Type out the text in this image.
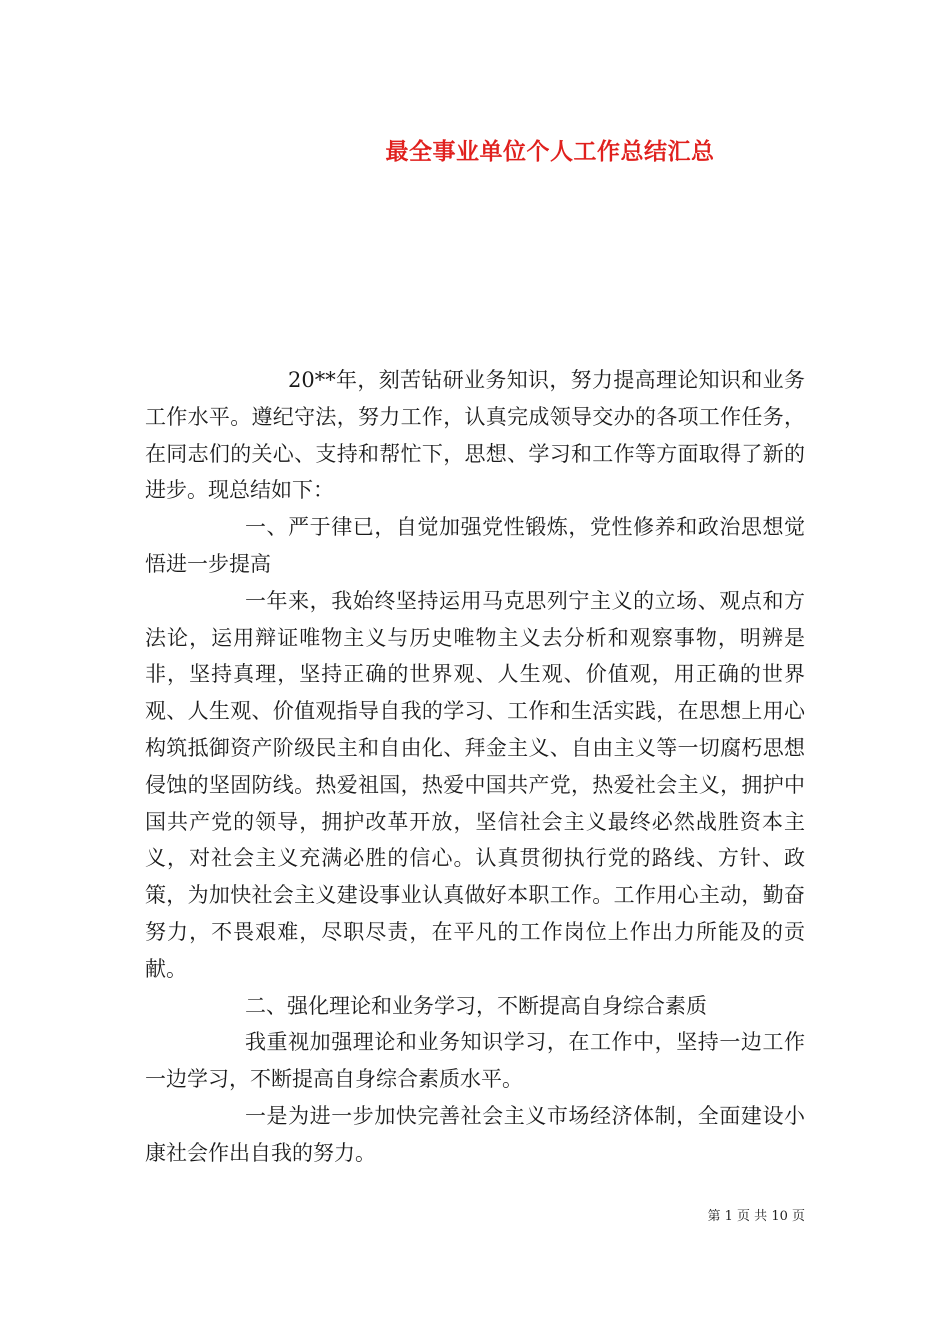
最全事业单位个人工作总结汇总

20**年，刻苦钻研业务知识，努力提高理论知识和业务工作水平。遵纪守法，努力工作，认真完成领导交办的各项工作任务，在同志们的关心、支持和帮忙下，思想、学习和工作等方面取得了新的进步。现总结如下：

一、严于律已，自觉加强党性锻炼，党性修养和政治思想觉悟进一步提高

一年来，我始终坚持运用马克思列宁主义的立场、观点和方法论，运用辩证唯物主义与历史唯物主义去分析和观察事物，明辨是非，坚持真理，坚持正确的世界观、人生观、价值观，用正确的世界观、人生观、价值观指导自我的学习、工作和生活实践，在思想上用心构筑抵御资产阶级民主和自由化、拜金主义、自由主义等一切腐朽思想侵蚀的坚固防线。热爱祖国，热爱中国共产党，热爱社会主义，拥护中国共产党的领导，拥护改革开放，坚信社会主义最终必然战胜资本主义，对社会主义充满必胜的信心。认真贯彻执行党的路线、方针、政策，为加快社会主义建设事业认真做好本职工作。工作用心主动，勤奋努力，不畏艰难，尽职尽责，在平凡的工作岗位上作出力所能及的贡献。

二、强化理论和业务学习，不断提高自身综合素质

我重视加强理论和业务知识学习，在工作中，坚持一边工作一边学习，不断提高自身综合素质水平。

一是为进一步加快完善社会主义市场经济体制，全面建设小康社会作出自我的努力。

第 1 页 共 10 页
